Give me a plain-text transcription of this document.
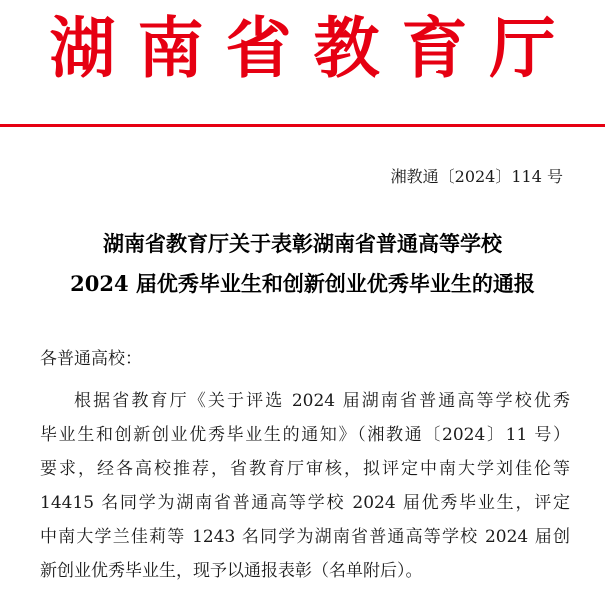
湖南省教育厅
湘教通〔2024〕114 号
湖南省教育厅关于表彰湖南省普通高等学校
2024 届优秀毕业生和创新创业优秀毕业生的通报
各普通高校：
根据省教育厅《关于评选 2024 届湖南省普通高等学校优秀
毕业生和创新创业优秀毕业生的通知》（湘教通〔2024〕11 号）
要求，经各高校推荐，省教育厅审核，拟评定中南大学刘佳伦等
14415 名同学为湖南省普通高等学校 2024 届优秀毕业生，评定
中南大学兰佳莉等 1243 名同学为湖南省普通高等学校 2024 届创
新创业优秀毕业生，现予以通报表彰（名单附后）。
